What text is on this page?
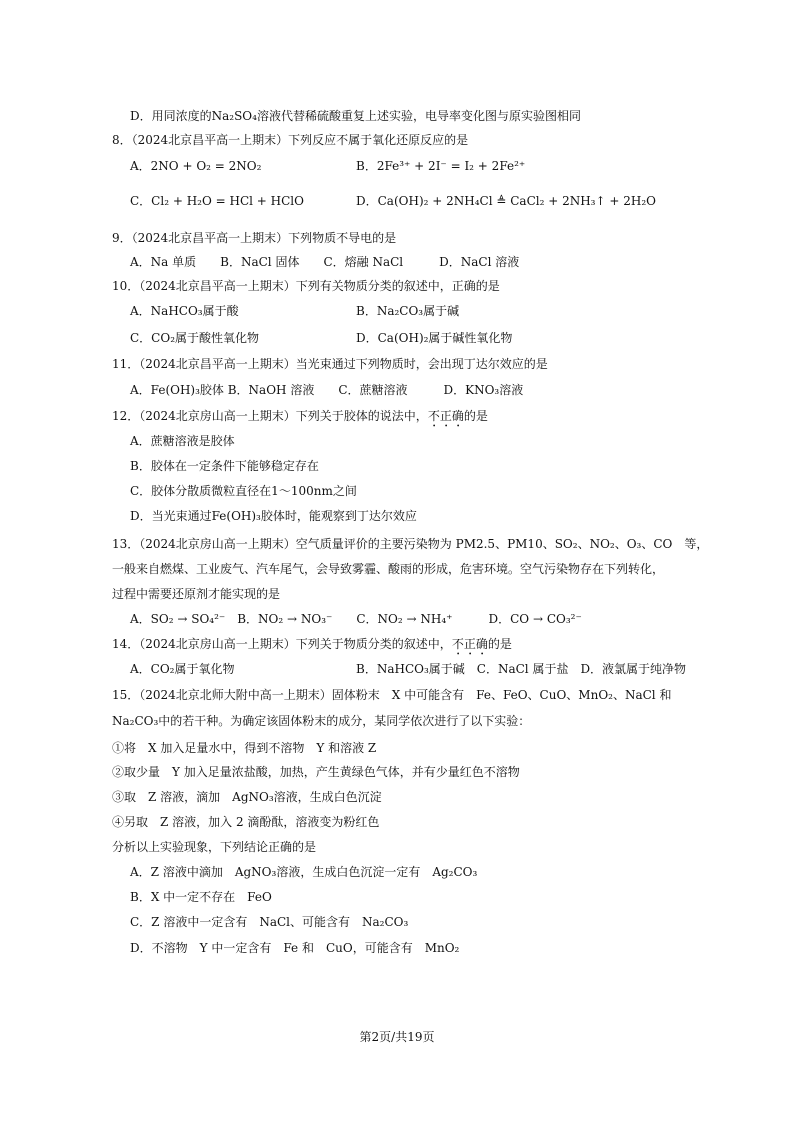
D．用同浓度的Na₂SO₄溶液代替稀硫酸重复上述实验，电导率变化图与原实验图相同
8．（2024北京昌平高一上期末）下列反应不属于氧化还原反应的是
A．2NO + O₂ = 2NO₂	B．2Fe³⁺ + 2I⁻ = I₂ + 2Fe²⁺
C．Cl₂ + H₂O = HCl + HClO	D．Ca(OH)₂ + 2NH₄Cl ≜ CaCl₂ + 2NH₃↑ + 2H₂O
9．（2024北京昌平高一上期末）下列物质不导电的是
A．Na 单质　　B．NaCl 固体　　C．熔融 NaCl　　　D．NaCl 溶液
10．（2024北京昌平高一上期末）下列有关物质分类的叙述中，正确的是
A．NaHCO₃属于酸	B．Na₂CO₃属于碱
C．CO₂属于酸性氧化物	D．Ca(OH)₂属于碱性氧化物
11．（2024北京昌平高一上期末）当光束通过下列物质时，会出现丁达尔效应的是
A．Fe(OH)₃胶体 B．NaOH 溶液　　C．蔗糖溶液　　　D．KNO₃溶液
12．（2024北京房山高一上期末）下列关于胶体的说法中，不正确的是
A．蔗糖溶液是胶体
B．胶体在一定条件下能够稳定存在
C．胶体分散质微粒直径在1～100nm之间
D．当光束通过Fe(OH)₃胶体时，能观察到丁达尔效应
13．（2024北京房山高一上期末）空气质量评价的主要污染物为 PM2.5、PM10、SO₂、NO₂、O₃、CO　等，
一般来自燃煤、工业废气、汽车尾气，会导致雾霾、酸雨的形成，危害环境。空气污染物存在下列转化，
过程中需要还原剂才能实现的是
A．SO₂ → SO₄²⁻　B．NO₂ → NO₃⁻　　C．NO₂ → NH₄⁺　　　D．CO → CO₃²⁻
14．（2024北京房山高一上期末）下列关于物质分类的叙述中，不正确的是
A．CO₂属于氧化物	B．NaHCO₃属于碱　C．NaCl 属于盐　D．液氯属于纯净物
15．（2024北京北师大附中高一上期末）固体粉末　X 中可能含有　Fe、FeO、CuO、MnO₂、NaCl 和
Na₂CO₃中的若干种。为确定该固体粉末的成分，某同学依次进行了以下实验：
①将　X 加入足量水中，得到不溶物　Y 和溶液 Z
②取少量　Y 加入足量浓盐酸，加热，产生黄绿色气体，并有少量红色不溶物
③取　Z 溶液，滴加　AgNO₃溶液，生成白色沉淀
④另取　Z 溶液，加入 2 滴酚酞，溶液变为粉红色
分析以上实验现象，下列结论正确的是
A．Z 溶液中滴加　AgNO₃溶液，生成白色沉淀一定有　Ag₂CO₃
B．X 中一定不存在　FeO
C．Z 溶液中一定含有　NaCl、可能含有　Na₂CO₃
D．不溶物　Y 中一定含有　Fe 和　CuO，可能含有　MnO₂
第2页/共19页
